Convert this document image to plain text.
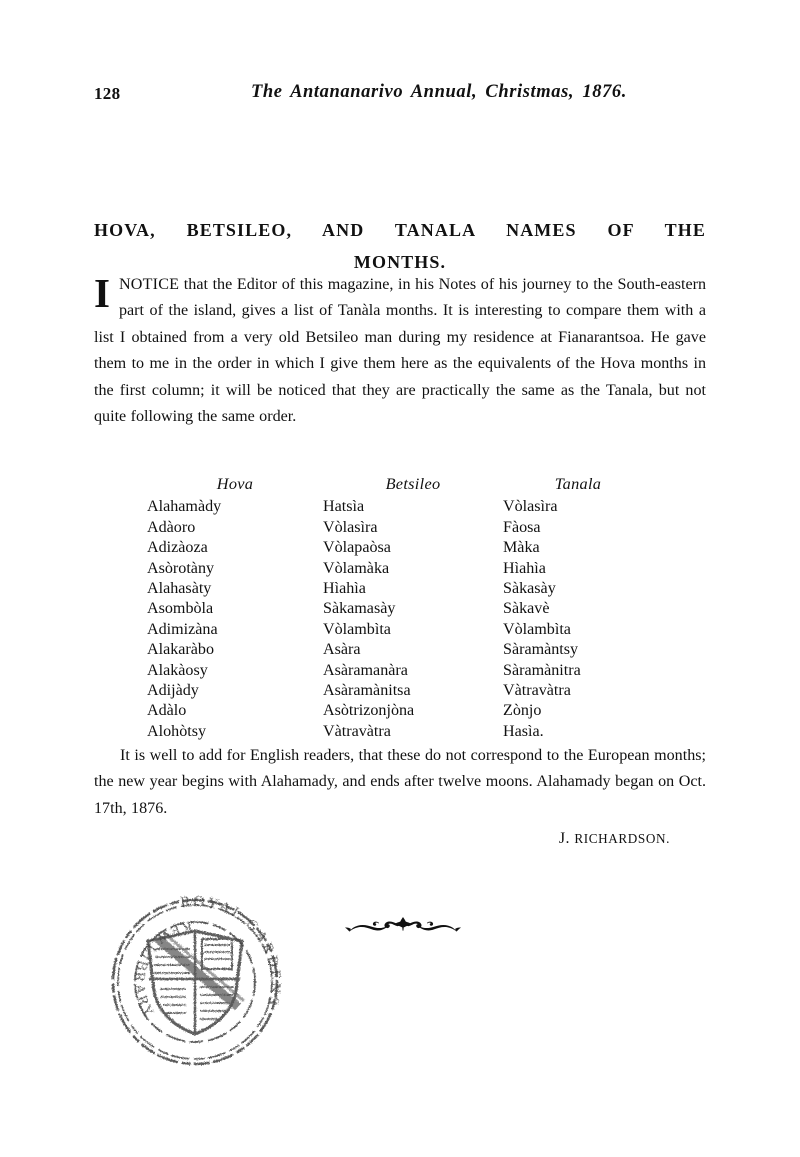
128	The Antananarivo Annual, Christmas, 1876.
HOVA, BETSILEO, AND TANALA NAMES OF THE
MONTHS.
INOTICE that the Editor of this magazine, in his Notes of his journey to the South-eastern part of the island, gives a list of Tanàla months. It is interesting to compare them with a list I obtained from a very old Betsileo man during my residence at Fianarantsoa. He gave them to me in the order in which I give them here as the equivalents of the Hova months in the first column; it will be noticed that they are practically the same as the Tanala, but not quite following the same order.
Hova	Betsileo	Tanala
Alahamàdy	Hatsìa	Vòlasìra
Adàoro	Vòlasìra	Fàosa
Adizàoza	Vòlapaòsa	Màka
Asòrotàny	Vòlamàka	Hìahìa
Alahasàty	Hìahìa	Sàkasày
Asombòla	Sàkamasày	Sàkavè
Adimizàna	Vòlambìta	Vòlambìta
Alakaràbo	Asàra	Sàramàntsy
Alakàosy	Asàramanàra	Sàramànitra
Adijàdy	Asàramànitsa	Vàtravàtra
Adàlo	Asòtrizonjòna	Zònjo
Alohòtsy	Vàtravàtra	Hasìa.
It is well to add for English readers, that these do not correspond to the European months; the new year begins with Alahamady, and ends after twelve moons. Alahamady began on Oct. 17th, 1876.
J. RICHARDSON.
ROYAL GARDENS
KEW LIBRARY
